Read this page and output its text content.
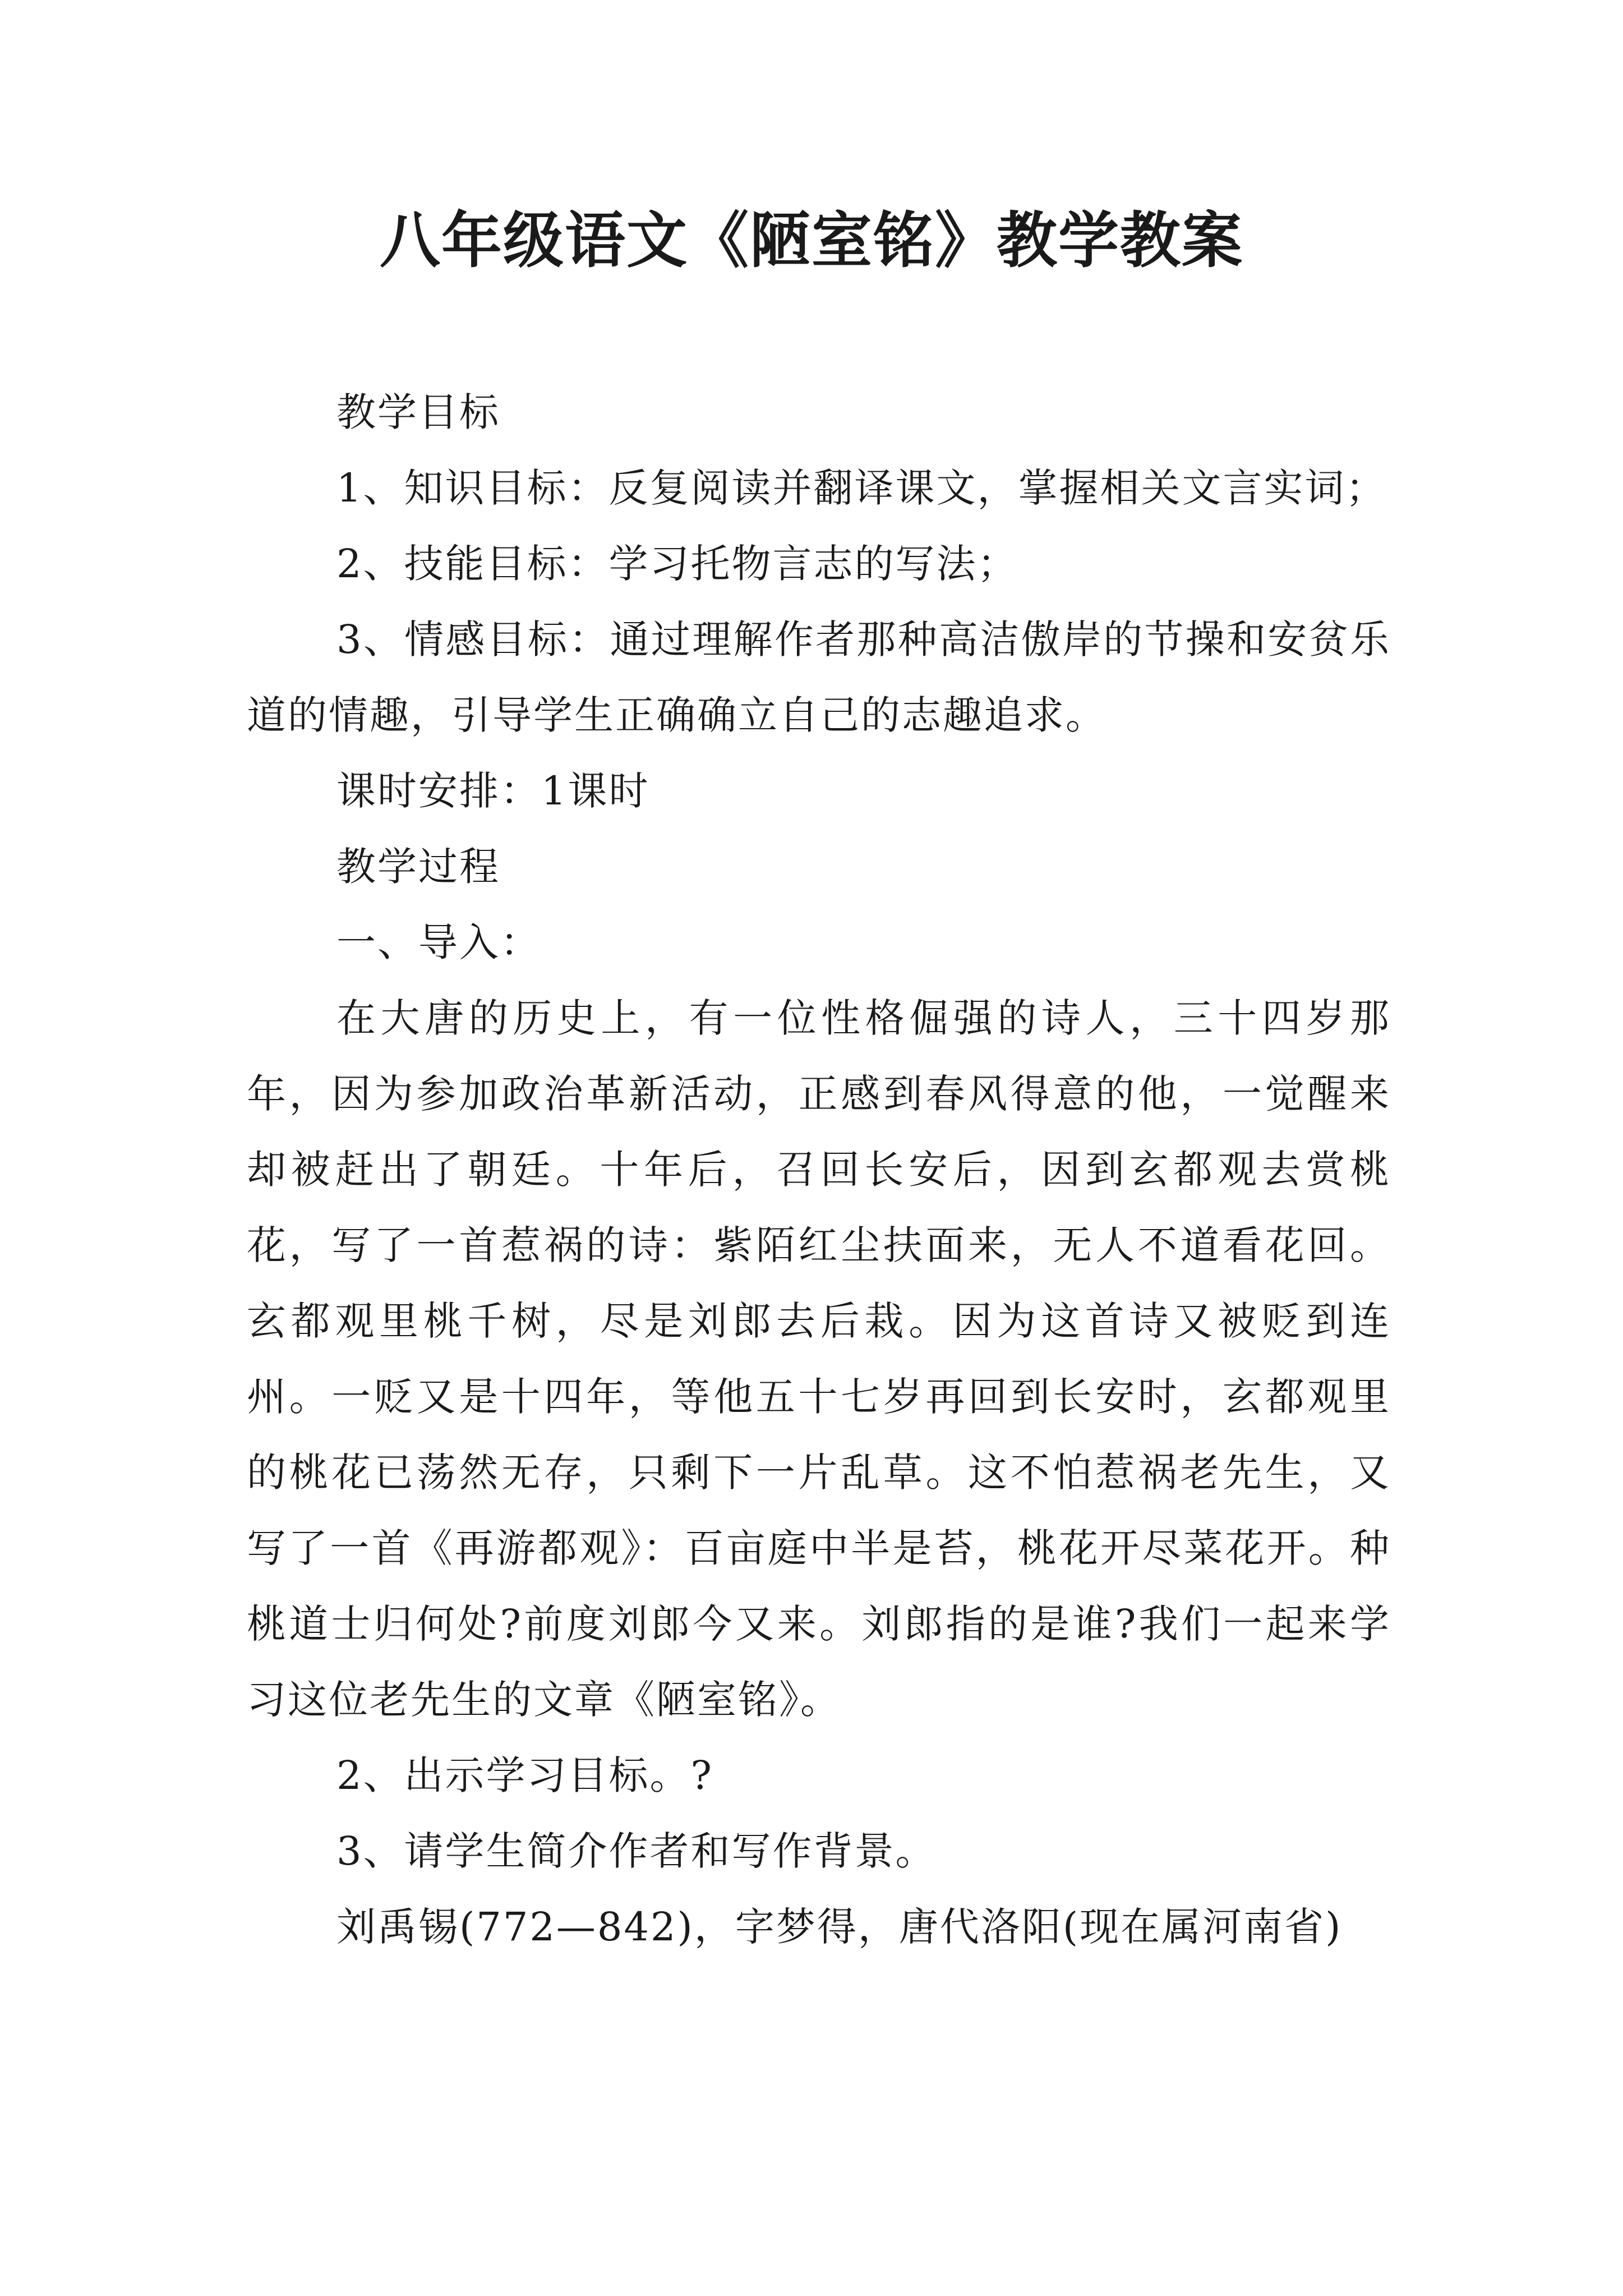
八年级语文《陋室铭》教学教案

教学目标

1、知识目标：反复阅读并翻译课文，掌握相关文言实词；

2、技能目标：学习托物言志的写法；

3、情感目标：通过理解作者那种高洁傲岸的节操和安贫乐道的情趣，引导学生正确确立自己的志趣追求。

课时安排：1课时

教学过程

一、导入：

在大唐的历史上，有一位性格倔强的诗人，三十四岁那年，因为参加政治革新活动，正感到春风得意的他，一觉醒来却被赶出了朝廷。十年后，召回长安后，因到玄都观去赏桃花，写了一首惹祸的诗：紫陌红尘扶面来，无人不道看花回。玄都观里桃千树，尽是刘郎去后栽。因为这首诗又被贬到连州。一贬又是十四年，等他五十七岁再回到长安时，玄都观里的桃花已荡然无存，只剩下一片乱草。这不怕惹祸老先生，又写了一首《再游都观》：百亩庭中半是苔，桃花开尽菜花开。种桃道士归何处?前度刘郎今又来。刘郎指的是谁?我们一起来学习这位老先生的文章《陋室铭》。

2、出示学习目标。?

3、请学生简介作者和写作背景。

刘禹锡(772—842)，字梦得，唐代洛阳(现在属河南省)
